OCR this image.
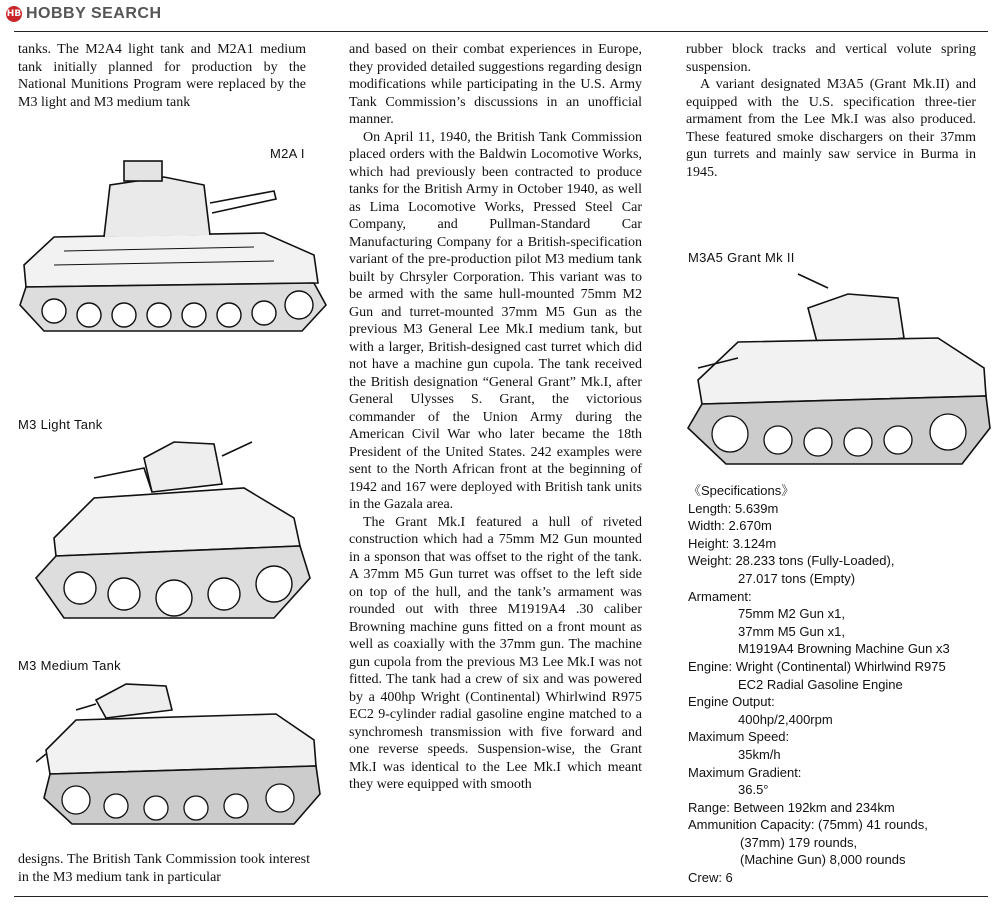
HB HOBBY SEARCH

tanks. The M2A4 light tank and M2A1 medium tank initially planned for production by the National Munitions Program were replaced by the M3 light and M3 medium tank

M2A I
M3 Light Tank
M3 Medium Tank

designs. The British Tank Commission took interest in the M3 medium tank in particular

and based on their combat experiences in Europe, they provided detailed suggestions regarding design modifications while participating in the U.S. Army Tank Commission’s discussions in an unofficial manner.

On April 11, 1940, the British Tank Commission placed orders with the Baldwin Locomotive Works, which had previously been contracted to produce tanks for the British Army in October 1940, as well as Lima Locomotive Works, Pressed Steel Car Company, and Pullman-Standard Car Manufacturing Company for a British-specification variant of the pre-production pilot M3 medium tank built by Chrsyler Corporation. This variant was to be armed with the same hull-mounted 75mm M2 Gun and turret-mounted 37mm M5 Gun as the previous M3 General Lee Mk.I medium tank, but with a larger, British-designed cast turret which did not have a machine gun cupola. The tank received the British designation “General Grant” Mk.I, after General Ulysses S. Grant, the victorious commander of the Union Army during the American Civil War who later became the 18th President of the United States. 242 examples were sent to the North African front at the beginning of 1942 and 167 were deployed with British tank units in the Gazala area.

The Grant Mk.I featured a hull of riveted construction which had a 75mm M2 Gun mounted in a sponson that was offset to the right of the tank. A 37mm M5 Gun turret was offset to the left side on top of the hull, and the tank’s armament was rounded out with three M1919A4 .30 caliber Browning machine guns fitted on a front mount as well as coaxially with the 37mm gun. The machine gun cupola from the previous M3 Lee Mk.I was not fitted. The tank had a crew of six and was powered by a 400hp Wright (Continental) Whirlwind R975 EC2 9-cylinder radial gasoline engine matched to a synchromesh transmission with five forward and one reverse speeds. Suspension-wise, the Grant Mk.I was identical to the Lee Mk.I which meant they were equipped with smooth

rubber block tracks and vertical volute spring suspension.

A variant designated M3A5 (Grant Mk.II) and equipped with the U.S. specification three-tier armament from the Lee Mk.I was also produced. These featured smoke dischargers on their 37mm gun turrets and mainly saw service in Burma in 1945.

M3A5 Grant Mk II
《Specifications》
Length: 5.639m
Width: 2.670m
Height: 3.124m
Weight: 28.233 tons (Fully-Loaded),
27.017 tons (Empty)
Armament:
75mm M2 Gun x1,
37mm M5 Gun x1,
M1919A4 Browning Machine Gun x3
Engine: Wright (Continental) Whirlwind R975
EC2 Radial Gasoline Engine
Engine Output:
400hp/2,400rpm
Maximum Speed:
35km/h
Maximum Gradient:
36.5°
Range: Between 192km and 234km
Ammunition Capacity: (75mm) 41 rounds,
(37mm) 179 rounds,
(Machine Gun) 8,000 rounds
Crew: 6
